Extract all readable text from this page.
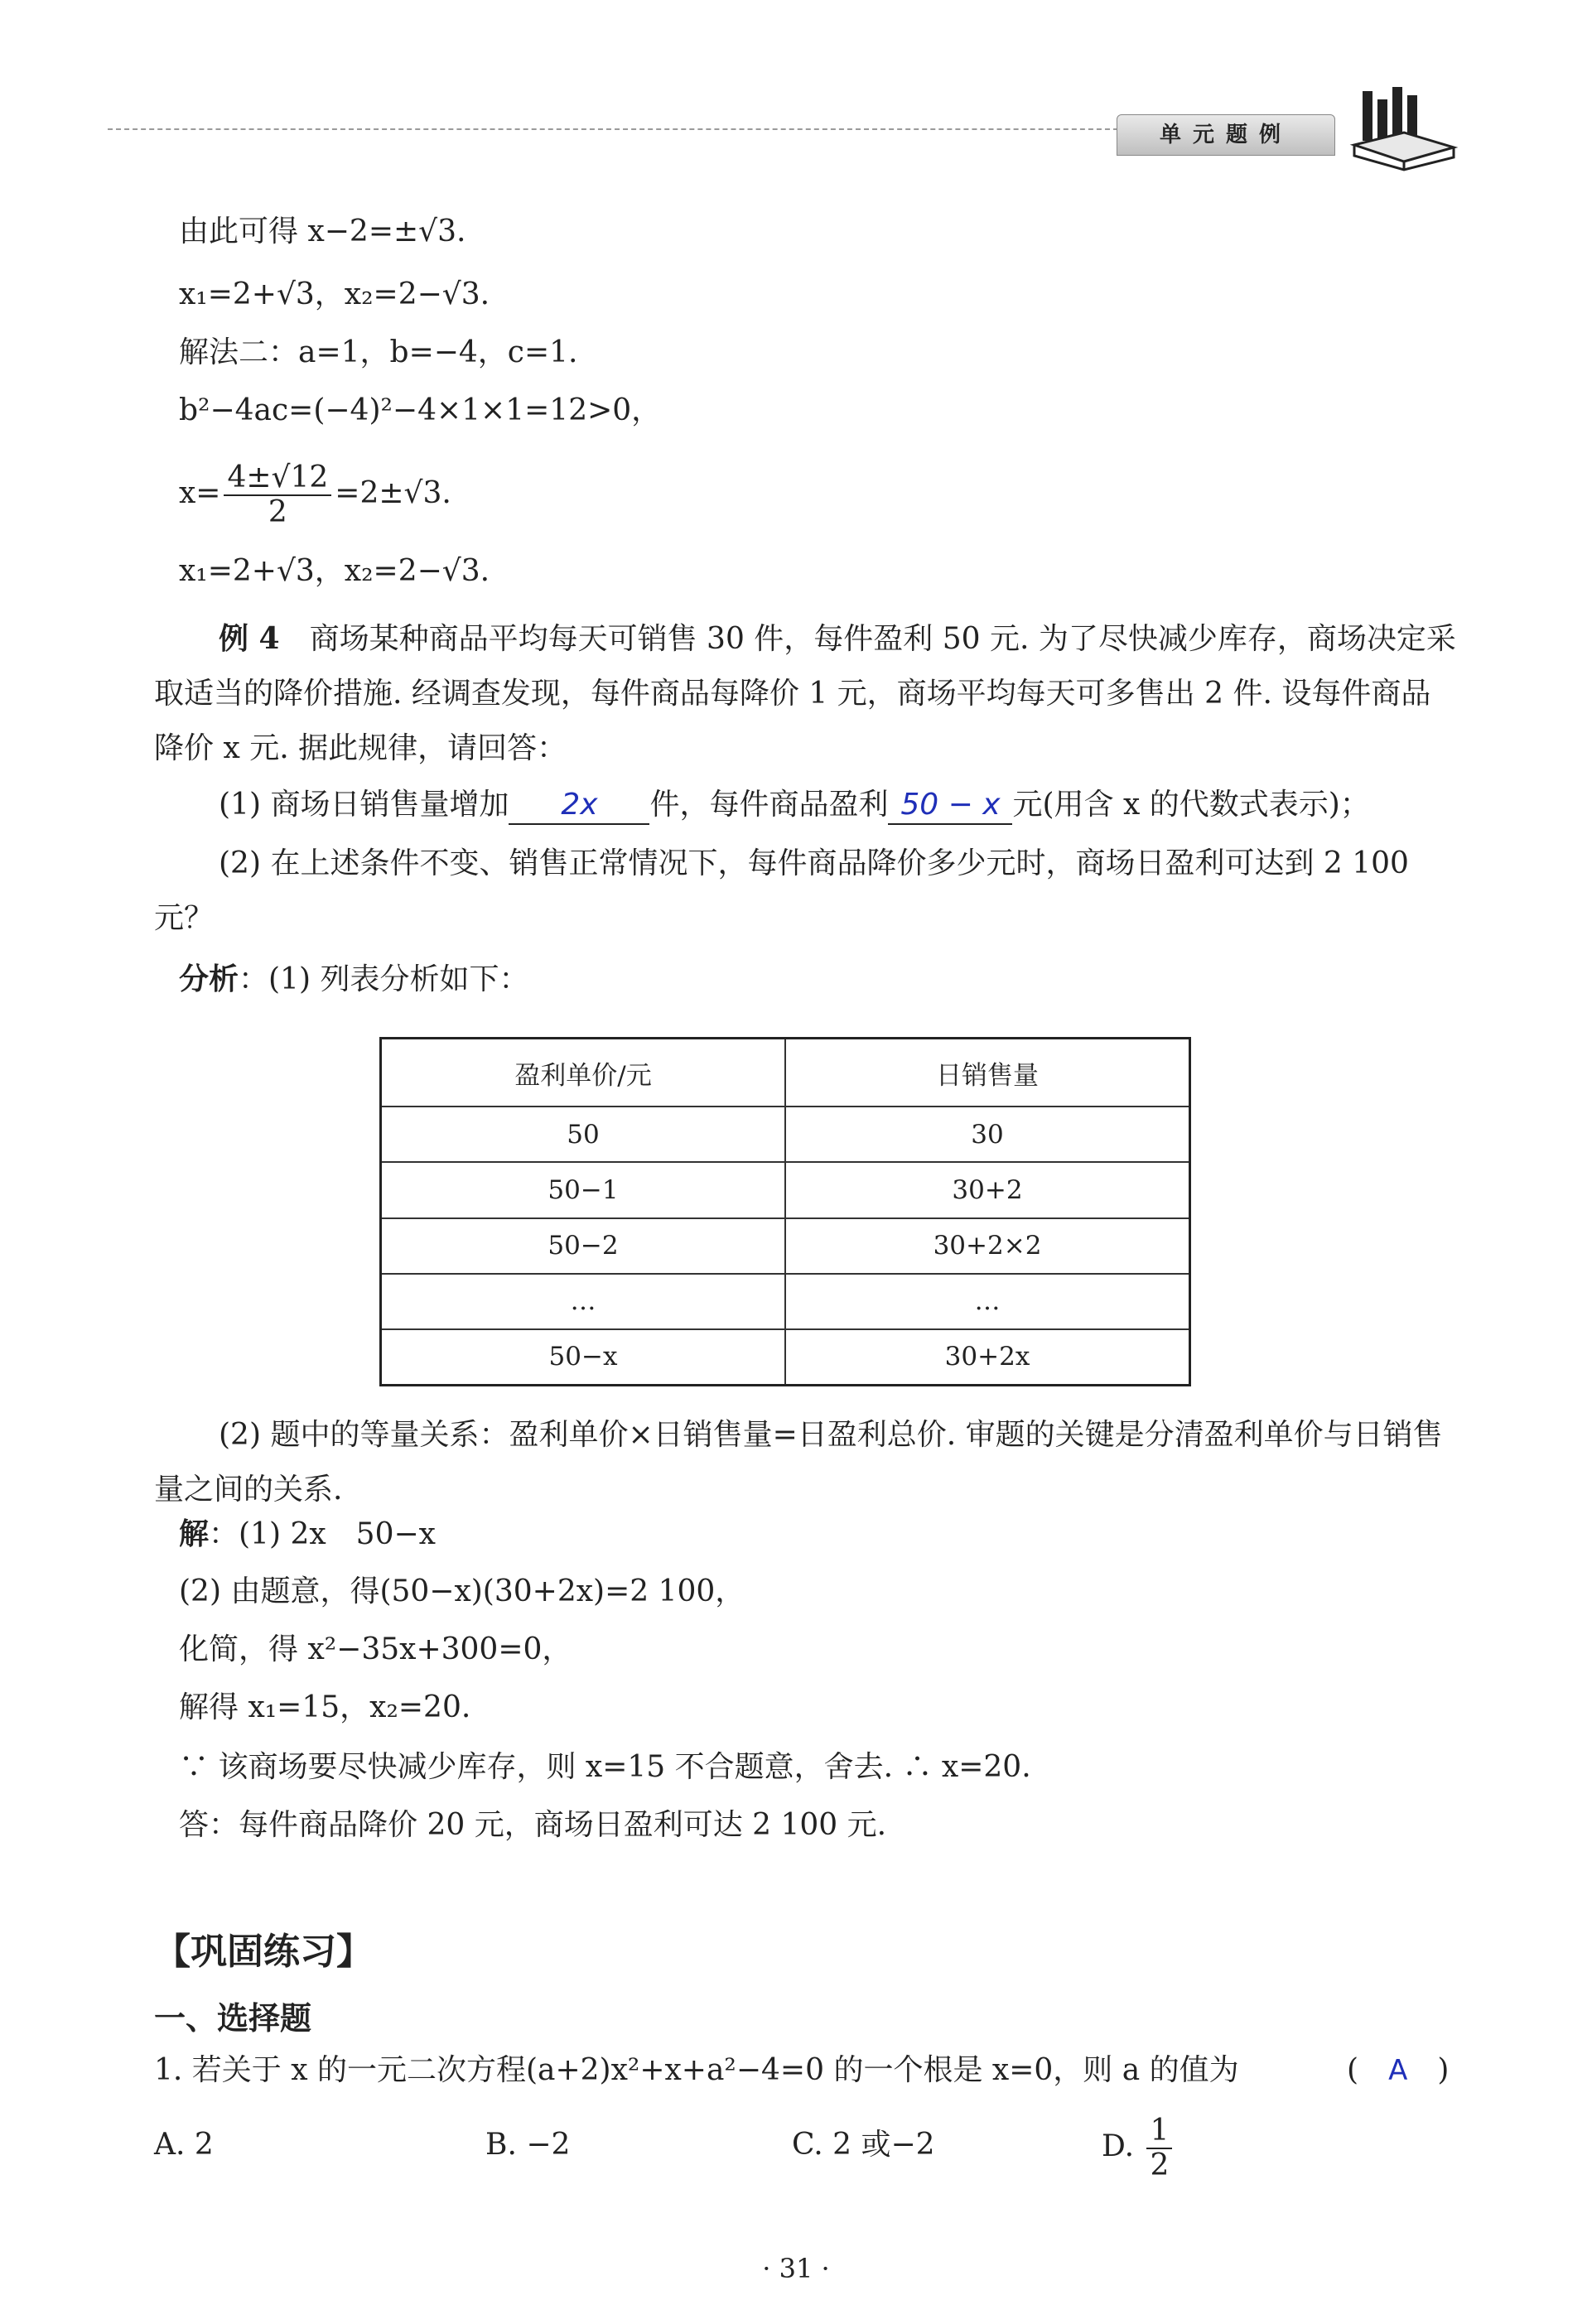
单元题例
由此可得 x−2=±√3.
x₁=2+√3，x₂=2−√3.
解法二：a=1，b=−4，c=1.
b²−4ac=(−4)²−4×1×1=12>0，
$x= \frac{4\pm√12}{2} =2\pm√3$.
x₁=2+√3，x₂=2−√3.
例 4　 商场某种商品平均每天可销售 30 件，每件盈利 50 元. 为了尽快减少库存，商场决定采取适当的降价措施. 经调查发现，每件商品每降价 1 元，商场平均每天可多售出 2 件. 设每件商品降价 x 元. 据此规律，请回答：
(1) 商场日销售量增加 2x 件，每件商品盈利 50 − x 元(用含 x 的代数式表示)；
(2) 在上述条件不变、销售正常情况下，每件商品降价多少元时，商场日盈利可达到 2 100元？
分析：(1) 列表分析如下：
盈利单价/元	日销售量
50	30
50−1	30+2
50−2	30+2×2
…	…
50−x	30+2x
(2) 题中的等量关系：盈利单价×日销售量=日盈利总价. 审题的关键是分清盈利单价与日销售量之间的关系.
解：(1) 2x　50−x
(2) 由题意，得(50−x)(30+2x)=2 100，
化简，得 x²−35x+300=0，
解得 x₁=15，x₂=20.
∵ 该商场要尽快减少库存，则 x=15 不合题意，舍去. ∴ x=20.
答：每件商品降价 20 元，商场日盈利可达 2 100 元.
【巩固练习】
一、选择题
1. 若关于 x 的一元二次方程(a+2)x²+x+a²−4=0 的一个根是 x=0，则 a 的值为	(　 A　 )
A. 2	B. −2	C. 2 或−2	D. $\frac{1}{2}$
· 31 ·
